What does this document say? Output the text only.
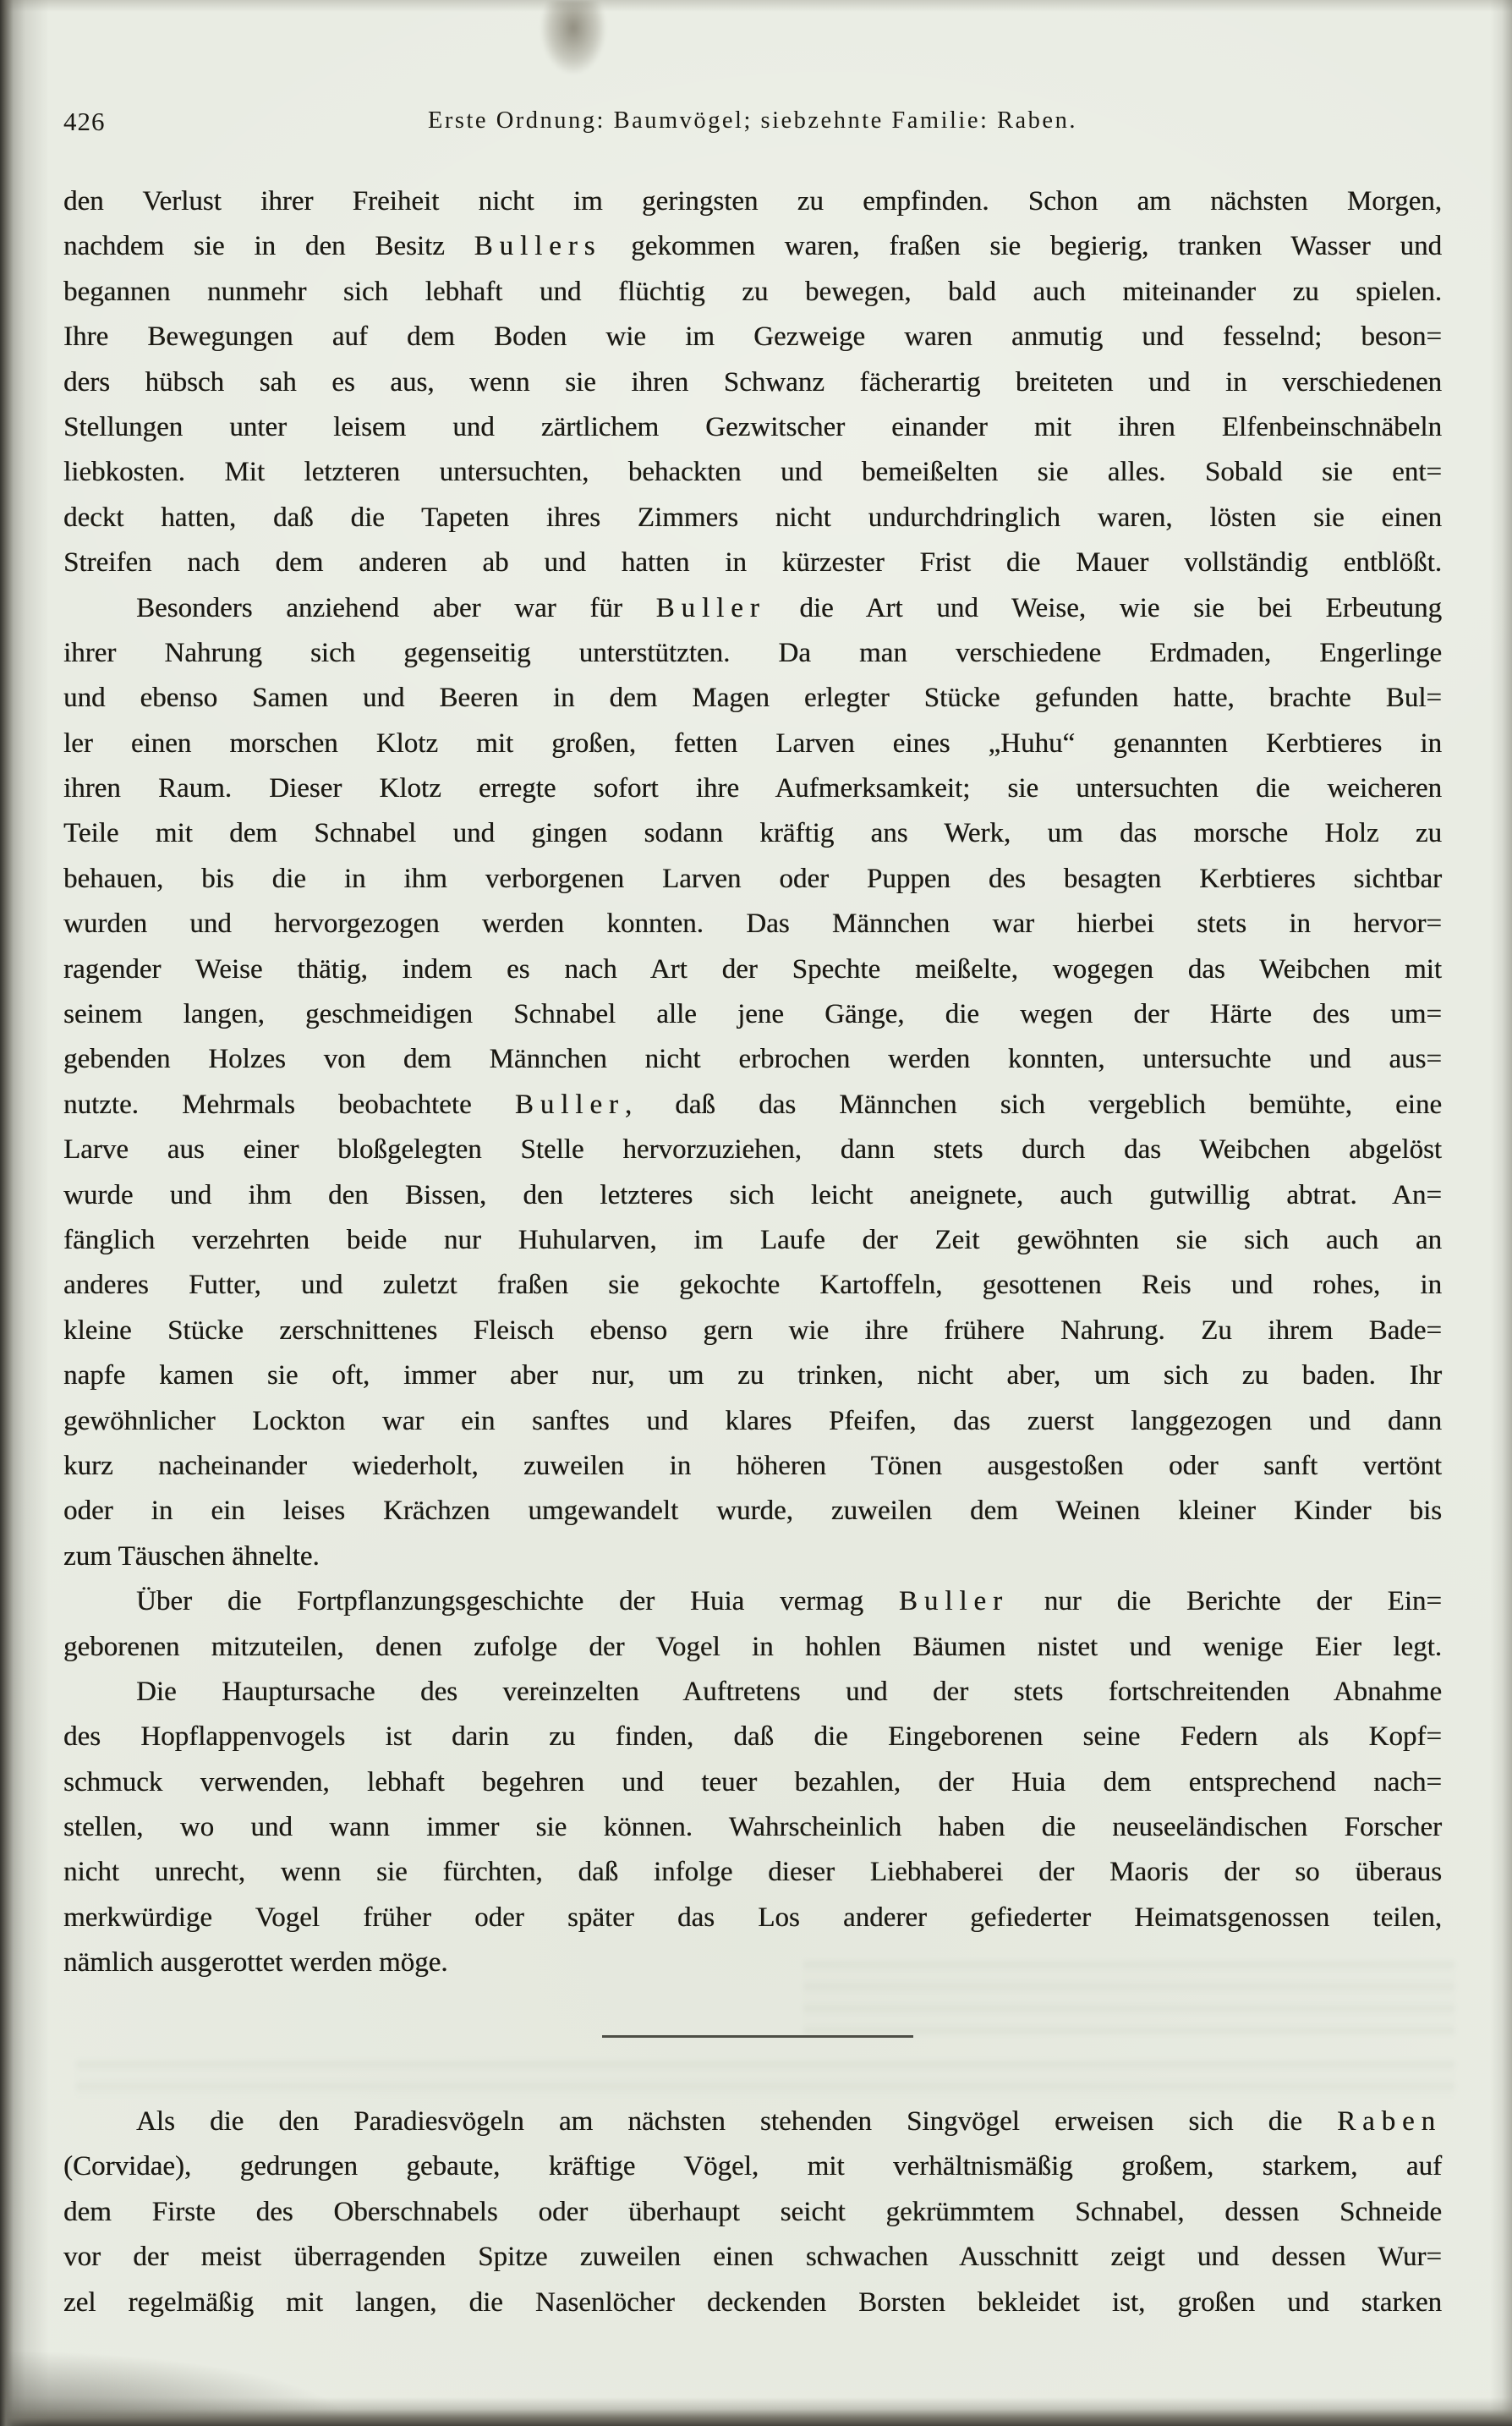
426	Erste Ordnung: Baumvögel; siebzehnte Familie: Raben.
den Verlust ihrer Freiheit nicht im geringsten zu empfinden. Schon am nächsten Morgen,
nachdem sie in den Besitz Bullers gekommen waren, fraßen sie begierig, tranken Wasser und
begannen nunmehr sich lebhaft und flüchtig zu bewegen, bald auch miteinander zu spielen.
Ihre Bewegungen auf dem Boden wie im Gezweige waren anmutig und fesselnd; beson=
ders hübsch sah es aus, wenn sie ihren Schwanz fächerartig breiteten und in verschiedenen
Stellungen unter leisem und zärtlichem Gezwitscher einander mit ihren Elfenbeinschnäbeln
liebkosten. Mit letzteren untersuchten, behackten und bemeißelten sie alles. Sobald sie ent=
deckt hatten, daß die Tapeten ihres Zimmers nicht undurchdringlich waren, lösten sie einen
Streifen nach dem anderen ab und hatten in kürzester Frist die Mauer vollständig entblößt.
Besonders anziehend aber war für Buller die Art und Weise, wie sie bei Erbeutung
ihrer Nahrung sich gegenseitig unterstützten. Da man verschiedene Erdmaden, Engerlinge
und ebenso Samen und Beeren in dem Magen erlegter Stücke gefunden hatte, brachte Bul=
ler einen morschen Klotz mit großen, fetten Larven eines „Huhu“ genannten Kerbtieres in
ihren Raum. Dieser Klotz erregte sofort ihre Aufmerksamkeit; sie untersuchten die weicheren
Teile mit dem Schnabel und gingen sodann kräftig ans Werk, um das morsche Holz zu
behauen, bis die in ihm verborgenen Larven oder Puppen des besagten Kerbtieres sichtbar
wurden und hervorgezogen werden konnten. Das Männchen war hierbei stets in hervor=
ragender Weise thätig, indem es nach Art der Spechte meißelte, wogegen das Weibchen mit
seinem langen, geschmeidigen Schnabel alle jene Gänge, die wegen der Härte des um=
gebenden Holzes von dem Männchen nicht erbrochen werden konnten, untersuchte und aus=
nutzte. Mehrmals beobachtete Buller, daß das Männchen sich vergeblich bemühte, eine
Larve aus einer bloßgelegten Stelle hervorzuziehen, dann stets durch das Weibchen abgelöst
wurde und ihm den Bissen, den letzteres sich leicht aneignete, auch gutwillig abtrat. An=
fänglich verzehrten beide nur Huhularven, im Laufe der Zeit gewöhnten sie sich auch an
anderes Futter, und zuletzt fraßen sie gekochte Kartoffeln, gesottenen Reis und rohes, in
kleine Stücke zerschnittenes Fleisch ebenso gern wie ihre frühere Nahrung. Zu ihrem Bade=
napfe kamen sie oft, immer aber nur, um zu trinken, nicht aber, um sich zu baden. Ihr
gewöhnlicher Lockton war ein sanftes und klares Pfeifen, das zuerst langgezogen und dann
kurz nacheinander wiederholt, zuweilen in höheren Tönen ausgestoßen oder sanft vertönt
oder in ein leises Krächzen umgewandelt wurde, zuweilen dem Weinen kleiner Kinder bis
zum Täuschen ähnelte.
Über die Fortpflanzungsgeschichte der Huia vermag Buller nur die Berichte der Ein=
geborenen mitzuteilen, denen zufolge der Vogel in hohlen Bäumen nistet und wenige Eier legt.
Die Hauptursache des vereinzelten Auftretens und der stets fortschreitenden Abnahme
des Hopflappenvogels ist darin zu finden, daß die Eingeborenen seine Federn als Kopf=
schmuck verwenden, lebhaft begehren und teuer bezahlen, der Huia dem entsprechend nach=
stellen, wo und wann immer sie können. Wahrscheinlich haben die neuseeländischen Forscher
nicht unrecht, wenn sie fürchten, daß infolge dieser Liebhaberei der Maoris der so überaus
merkwürdige Vogel früher oder später das Los anderer gefiederter Heimatsgenossen teilen,
nämlich ausgerottet werden möge.
Als die den Paradiesvögeln am nächsten stehenden Singvögel erweisen sich die Raben
(Corvidae), gedrungen gebaute, kräftige Vögel, mit verhältnismäßig großem, starkem, auf
dem Firste des Oberschnabels oder überhaupt seicht gekrümmtem Schnabel, dessen Schneide
vor der meist überragenden Spitze zuweilen einen schwachen Ausschnitt zeigt und dessen Wur=
zel regelmäßig mit langen, die Nasenlöcher deckenden Borsten bekleidet ist, großen und starken
